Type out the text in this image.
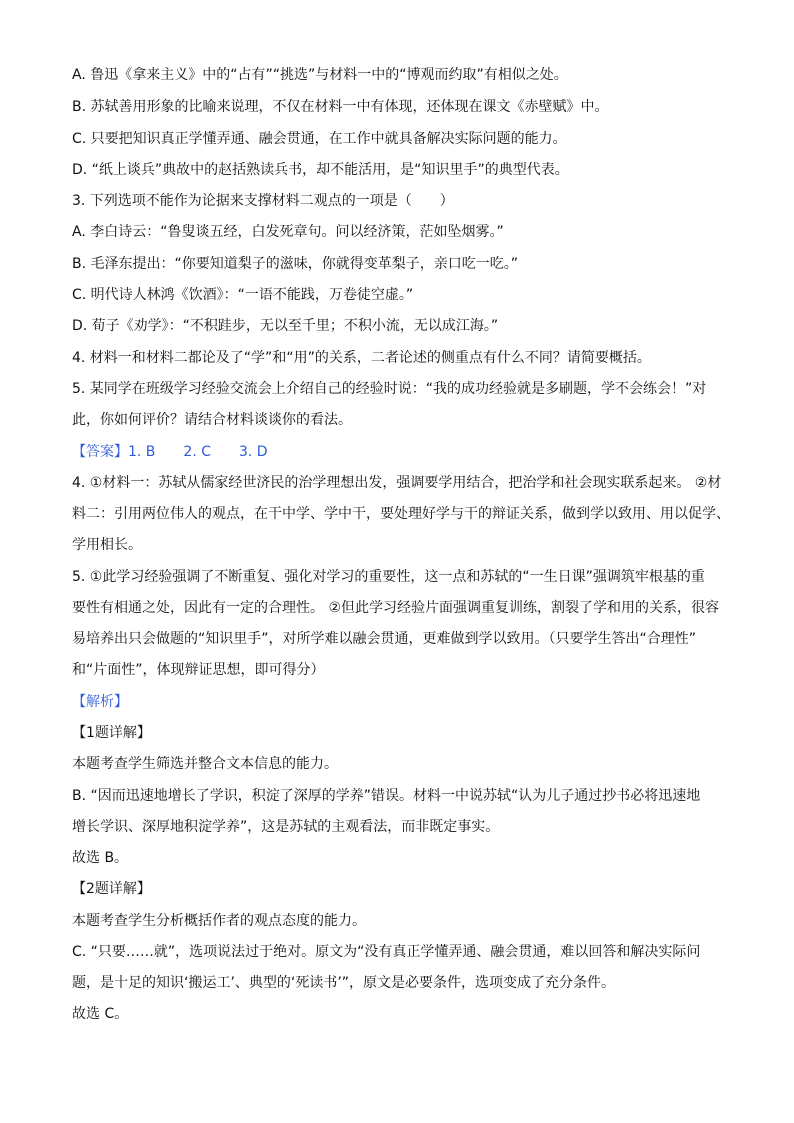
A. 鲁迅《拿来主义》中的“占有”“挑选”与材料一中的“博观而约取”有相似之处。
B. 苏轼善用形象的比喻来说理，不仅在材料一中有体现，还体现在课文《赤壁赋》中。
C. 只要把知识真正学懂弄通、融会贯通，在工作中就具备解决实际问题的能力。
D. “纸上谈兵”典故中的赵括熟读兵书，却不能活用，是“知识里手”的典型代表。
3. 下列选项不能作为论据来支撑材料二观点的一项是（　　）
A. 李白诗云：“鲁叟谈五经，白发死章句。问以经济策，茫如坠烟雾。”
B. 毛泽东提出：“你要知道梨子的滋味，你就得变革梨子，亲口吃一吃。”
C. 明代诗人林鸿《饮酒》：“一语不能践，万卷徒空虚。”
D. 荀子《劝学》：“不积跬步，无以至千里；不积小流，无以成江海。”
4. 材料一和材料二都论及了“学”和“用”的关系，二者论述的侧重点有什么不同？请简要概括。
5. 某同学在班级学习经验交流会上介绍自己的经验时说：“我的成功经验就是多刷题，学不会练会！”对
此，你如何评价？请结合材料谈谈你的看法。
【答案】1. B　　2. C　　3. D
4. ①材料一：苏轼从儒家经世济民的治学理想出发，强调要学用结合，把治学和社会现实联系起来。 ②材
料二：引用两位伟人的观点，在干中学、学中干，要处理好学与干的辩证关系，做到学以致用、用以促学、
学用相长。
5. ①此学习经验强调了不断重复、强化对学习的重要性，这一点和苏轼的“一生日课”强调筑牢根基的重
要性有相通之处，因此有一定的合理性。 ②但此学习经验片面强调重复训练，割裂了学和用的关系，很容
易培养出只会做题的“知识里手”，对所学难以融会贯通，更难做到学以致用。（只要学生答出“合理性”
和“片面性”，体现辩证思想，即可得分）
【解析】
【1题详解】
本题考查学生筛选并整合文本信息的能力。
B. “因而迅速地增长了学识，积淀了深厚的学养”错误。材料一中说苏轼“认为儿子通过抄书必将迅速地
增长学识、深厚地积淀学养”，这是苏轼的主观看法，而非既定事实。
故选 B。
【2题详解】
本题考查学生分析概括作者的观点态度的能力。
C. “只要……就”，选项说法过于绝对。原文为“没有真正学懂弄通、融会贯通，难以回答和解决实际问
题，是十足的知识‘搬运工’、典型的‘死读书’”，原文是必要条件，选项变成了充分条件。
故选 C。
